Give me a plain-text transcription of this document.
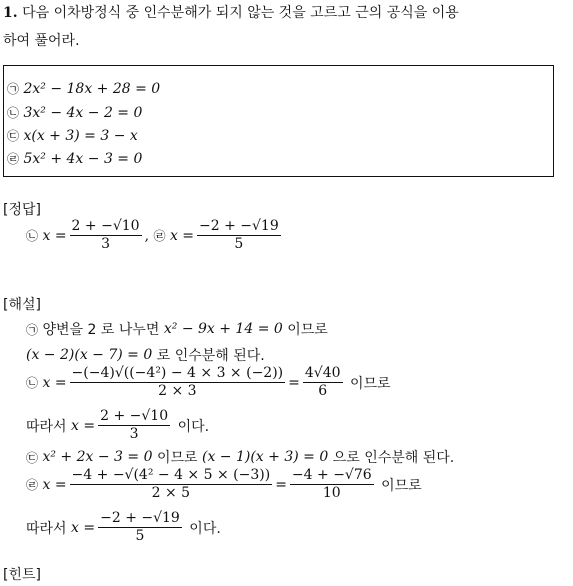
1. 다음 이차방정식 중 인수분해가 되지 않는 것을 고르고 근의 공식을 이용
하여 풀어라.
㉠ 2x² − 18x + 28 = 0
㉡ 3x² − 4x − 2 = 0
㉢ x(x + 3) = 3 − x
㉣ 5x² + 4x − 3 = 0
[정답]
㉡
$x = \frac{2 + -√10}{3}$ ,
㉣
$x = \frac{-2 + -√19}{5}$
[해설]
㉠
양변을 2 로 나누면
x² − 9x + 14 = 0
이므로
(x − 2)(x − 7) = 0
로 인수분해 된다.
㉡
$x = \frac{\text{−(−4)√((−4²) − 4 × 3 × (−2))}}{2 \times 3} = \frac{4√40}{6}$
이므로
따라서
$x = \frac{2 + -√10}{3}$
이다.
㉢
x² + 2x − 3 = 0
이므로
(x − 1)(x + 3) = 0
으로 인수분해 된다.
㉣
$x = \frac{\text{−4 + −√(4² − 4 × 5 × (−3))}}{2 \times 5} = \frac{-4 + -√76}{10}$
이므로
따라서
$x = \frac{-2 + -√19}{5}$
이다.
[힌트]
